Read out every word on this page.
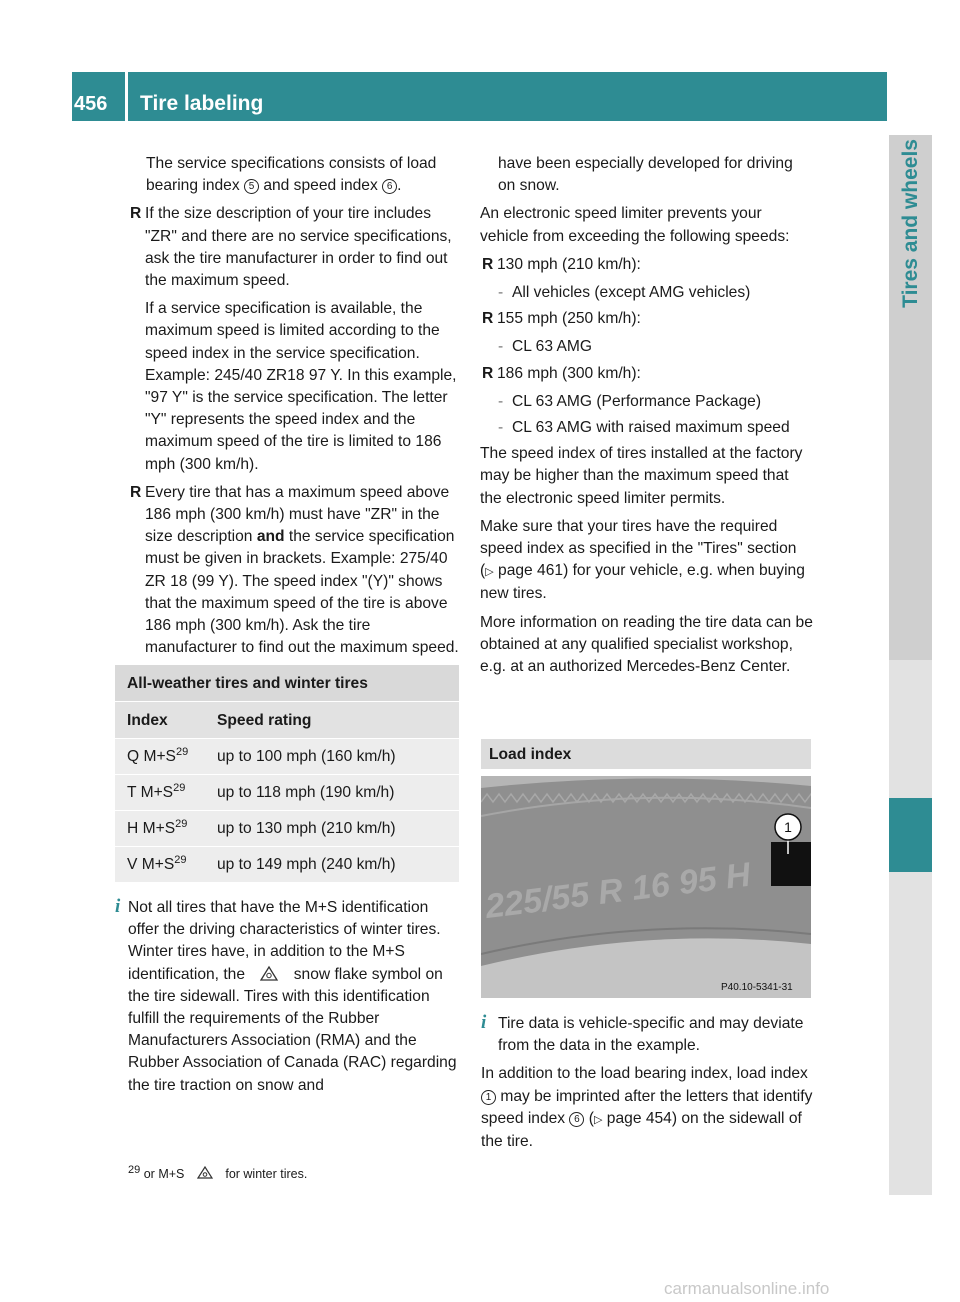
456	Tire labeling
Tires and wheels

The service specifications consists of load bearing index 5 and speed index 6 .

R If the size description of your tire includes "ZR" and there are no service specifications, ask the tire manufacturer in order to find out the maximum speed.

If a service specification is available, the maximum speed is limited according to the speed index in the service specification. Example: 245/40 ZR18 97 Y. In this example, "97 Y" is the service specification. The letter "Y" represents the speed index and the maximum speed of the tire is limited to 186 mph (300 km/h).

R Every tire that has a maximum speed above 186 mph (300 km/h) must have "ZR" in the size description and the service specification must be given in brackets. Example: 275/40 ZR 18 (99 Y). The speed index "(Y)" shows that the maximum speed of the tire is above 186 mph (300 km/h). Ask the tire manufacturer to find out the maximum speed.

All-weather tires and winter tires
Index	Speed rating
Q $M+S^{29}$ up to 100 mph (160 km/h)
T $M+S^{29}$ up to 118 mph (190 km/h)
H $M+S^{29}$ up to 130 mph (210 km/h)
V $M+S^{29}$ up to 149 mph (240 km/h)
i Not all tires that have the M+S identification offer the driving characteristics of winter tires. Winter tires have, in addition to the M+S identification, the	snow flake symbol on the tire sidewall. Tires with this identification fulfill the requirements of the Rubber Manufacturers Association (RMA) and the Rubber Association of Canada (RAC) regarding the tire traction on snow and

have been especially developed for driving on snow.

An electronic speed limiter prevents your vehicle from exceeding the following speeds:

R 130 mph (210 km/h):
- All vehicles (except AMG vehicles)
R 155 mph (250 km/h):
- CL 63 AMG
R 186 mph (300 km/h):
- CL 63 AMG (Performance Package)
- CL 63 AMG with raised maximum speed

The speed index of tires installed at the factory may be higher than the maximum speed that the electronic speed limiter permits.

Make sure that your tires have the required speed index as specified in the "Tires" section (▷ page 461) for your vehicle, e.g. when buying new tires.

More information on reading the tire data can be obtained at any qualified specialist workshop, e.g. at an authorized Mercedes-Benz Center.

Load index
1
225/55 R 16 95 H
P40.10-5341-31
i Tire data is vehicle-specific and may deviate from the data in the example.

In addition to the load bearing index, load index 1 may be imprinted after the letters that identify speed index 6 (▷ page 454) on the sidewall of the tire.

29 or M+S	for winter tires.
carmanualsonline.info
